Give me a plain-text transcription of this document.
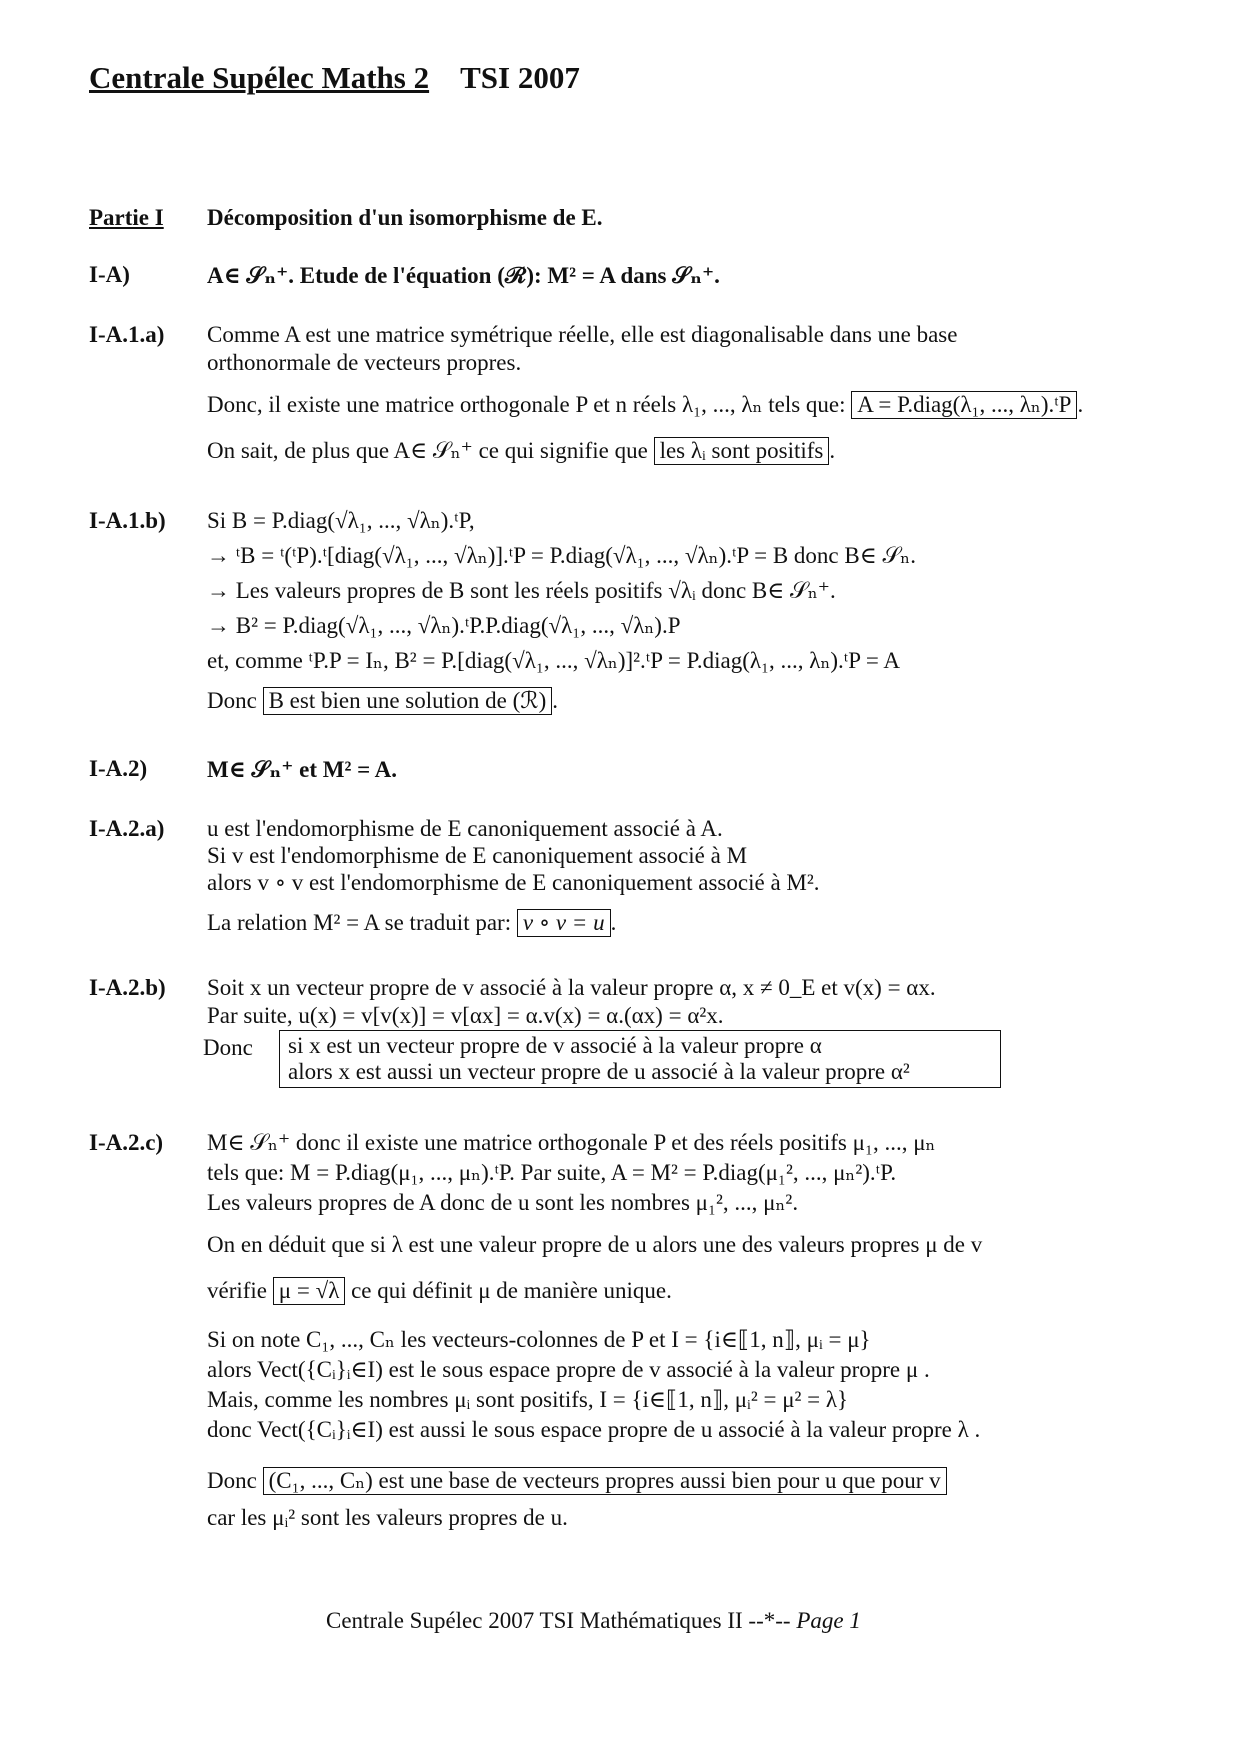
Centrale Supélec Maths 2 TSI 2007
Partie I Décomposition d'un isomorphisme de E.
I-A)	A∈ 𝒮ₙ⁺. Etude de l'équation (ℛ): M² = A dans 𝒮ₙ⁺.
I-A.1.a) Comme A est une matrice symétrique réelle, elle est diagonalisable dans une base
orthonormale de vecteurs propres.
Donc, il existe une matrice orthogonale P et n réels λ₁, ..., λₙ tels que: A = P.diag(λ₁, ..., λₙ).ᵗP .
On sait, de plus que A∈ 𝒮ₙ⁺ ce qui signifie que les λᵢ sont positifs .
I-A.1.b) Si B = P.diag(√λ₁, ..., √λₙ).ᵗP,
→ ᵗB = ᵗ(ᵗP).ᵗ[diag(√λ₁, ..., √λₙ)].ᵗP = P.diag(√λ₁, ..., √λₙ).ᵗP = B donc B∈ 𝒮ₙ.
→ Les valeurs propres de B sont les réels positifs √λᵢ donc B∈ 𝒮ₙ⁺.
→ B² = P.diag(√λ₁, ..., √λₙ).ᵗP.P.diag(√λ₁, ..., √λₙ).P
et, comme ᵗP.P = Iₙ, B² = P.[diag(√λ₁, ..., √λₙ)]².ᵗP = P.diag(λ₁, ..., λₙ).ᵗP = A
Donc B est bien une solution de (ℛ) .
I-A.2)	M∈ 𝒮ₙ⁺ et M² = A.
I-A.2.a) u est l'endomorphisme de E canoniquement associé à A.
Si v est l'endomorphisme de E canoniquement associé à M
alors v ∘ v est l'endomorphisme de E canoniquement associé à M².
La relation M² = A se traduit par: v ∘ v = u .
I-A.2.b) Soit x un vecteur propre de v associé à la valeur propre α, x ≠ 0_E et v(x) = αx.
Par suite, u(x) = v[v(x)] = v[αx] = α.v(x) = α.(αx) = α²x.
Donc si x est un vecteur propre de v associé à la valeur propre α
alors x est aussi un vecteur propre de u associé à la valeur propre α²
I-A.2.c) M∈ 𝒮ₙ⁺ donc il existe une matrice orthogonale P et des réels positifs μ₁, ..., μₙ
tels que: M = P.diag(μ₁, ..., μₙ).ᵗP. Par suite, A = M² = P.diag(μ₁², ..., μₙ²).ᵗP.
Les valeurs propres de A donc de u sont les nombres μ₁², ..., μₙ².
On en déduit que si λ est une valeur propre de u alors une des valeurs propres μ de v
vérifie μ = √λ ce qui définit μ de manière unique.
Si on note C₁, ..., Cₙ les vecteurs-colonnes de P et I = {i∈⟦1, n⟧, μᵢ = μ}
alors Vect({Cᵢ}ᵢ∈I) est le sous espace propre de v associé à la valeur propre μ .
Mais, comme les nombres μᵢ sont positifs, I = {i∈⟦1, n⟧, μᵢ² = μ² = λ}
donc Vect({Cᵢ}ᵢ∈I) est aussi le sous espace propre de u associé à la valeur propre λ .
Donc (C₁, ..., Cₙ) est une base de vecteurs propres aussi bien pour u que pour v
car les μᵢ² sont les valeurs propres de u.
Centrale Supélec 2007 TSI Mathématiques II --*-- Page 1
